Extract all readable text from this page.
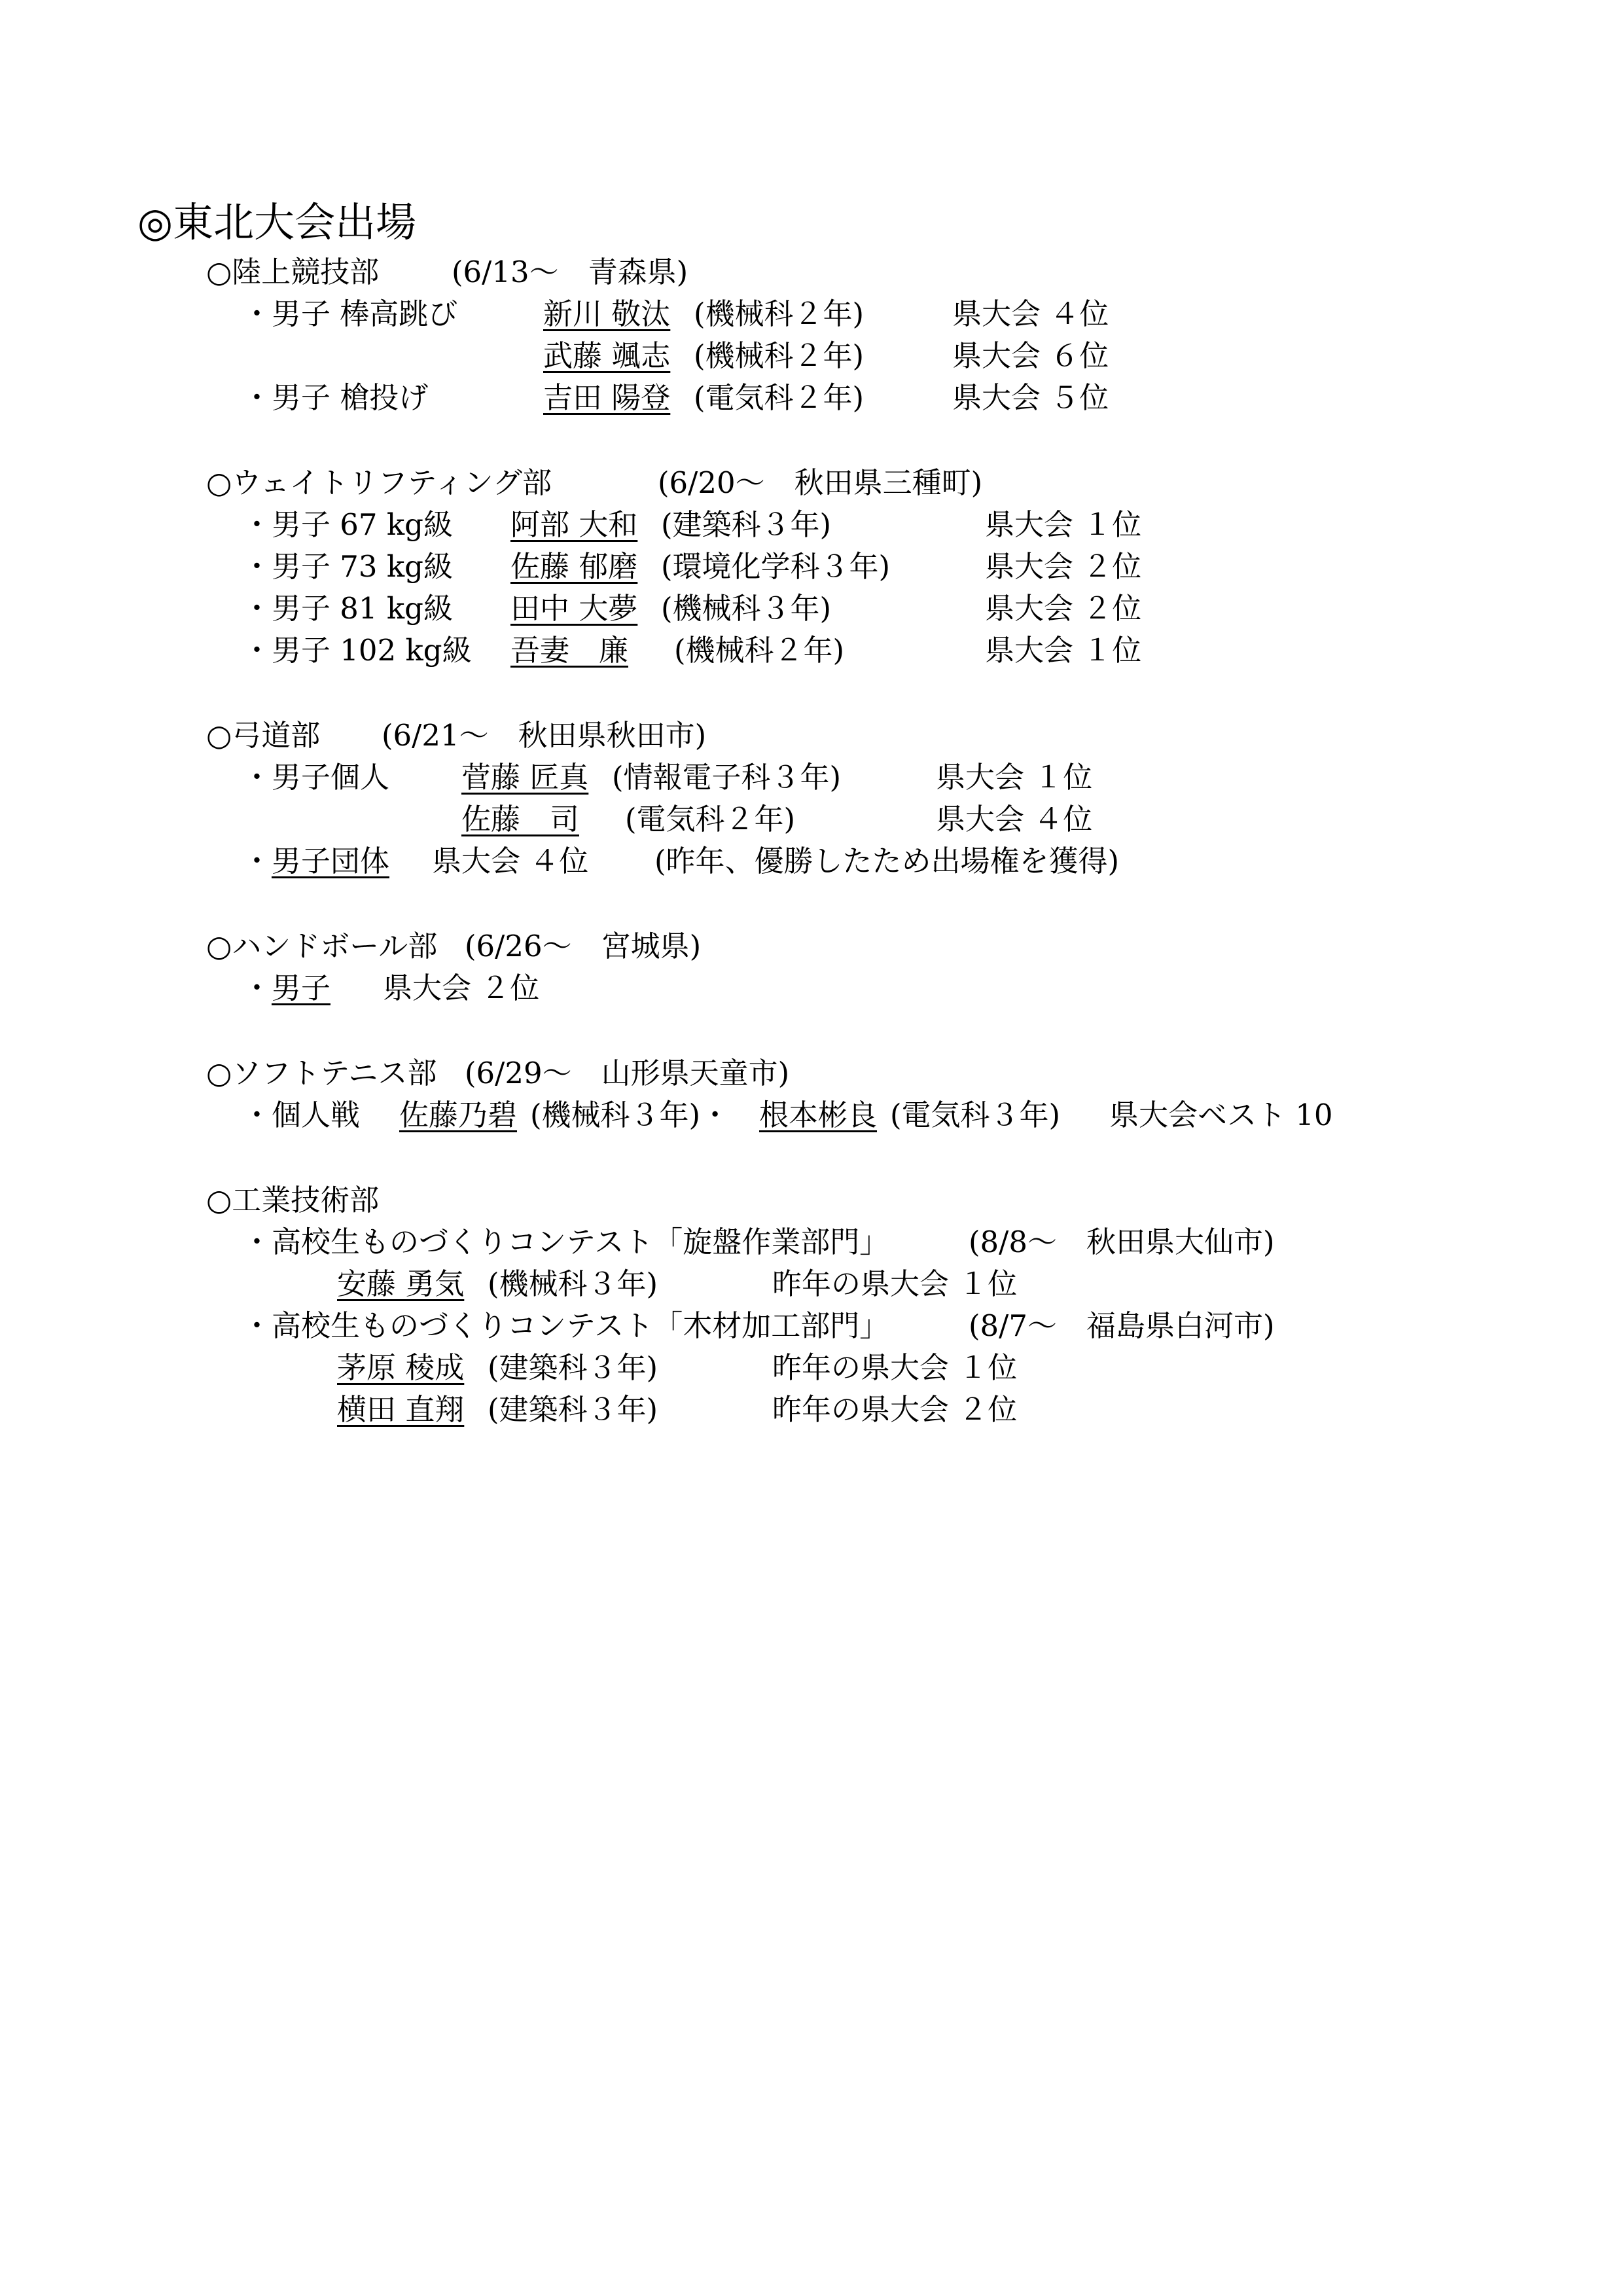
◎東北大会出場
○陸上競技部 (6/13〜　青森県)
・男子 棒高跳び	新川 敬汰 (機械科２年)	県大会 ４位
武藤 颯志 (機械科２年)	県大会 ６位
・男子 槍投げ	吉田 陽登 (電気科２年)	県大会 ５位
○ウェイトリフティング部	(6/20〜　秋田県三種町)
・男子 67 kg級 阿部 大和 (建築科３年)	県大会 １位
・男子 73 kg級 佐藤 郁磨 (環境化学科３年)	県大会 ２位
・男子 81 kg級 田中 大夢 (機械科３年)	県大会 ２位
・男子 102 kg級 吾妻　廉 (機械科２年)	県大会 １位
○弓道部 (6/21〜　秋田県秋田市)
・男子個人 菅藤 匠真 (情報電子科３年)	県大会 １位
佐藤　司 (電気科２年)	県大会 ４位
・ 男子団体 県大会 ４位 (昨年、優勝したため出場権を獲得)
○ハンドボール部 (6/26〜　宮城県)
・ 男子 県大会 ２位
○ソフトテニス部 (6/29〜　山形県天童市)
・個人戦 佐藤乃碧 (機械科３年)・ 根本彬良 (電気科３年) 県大会ベスト 10
○工業技術部
・高校生ものづくりコンテスト「旋盤作業部門」	(8/8〜　秋田県大仙市)
安藤 勇気 (機械科３年)	昨年の県大会 １位
・高校生ものづくりコンテスト「木材加工部門」	(8/7〜　福島県白河市)
茅原 稜成 (建築科３年)	昨年の県大会 １位
横田 直翔 (建築科３年)	昨年の県大会 ２位
